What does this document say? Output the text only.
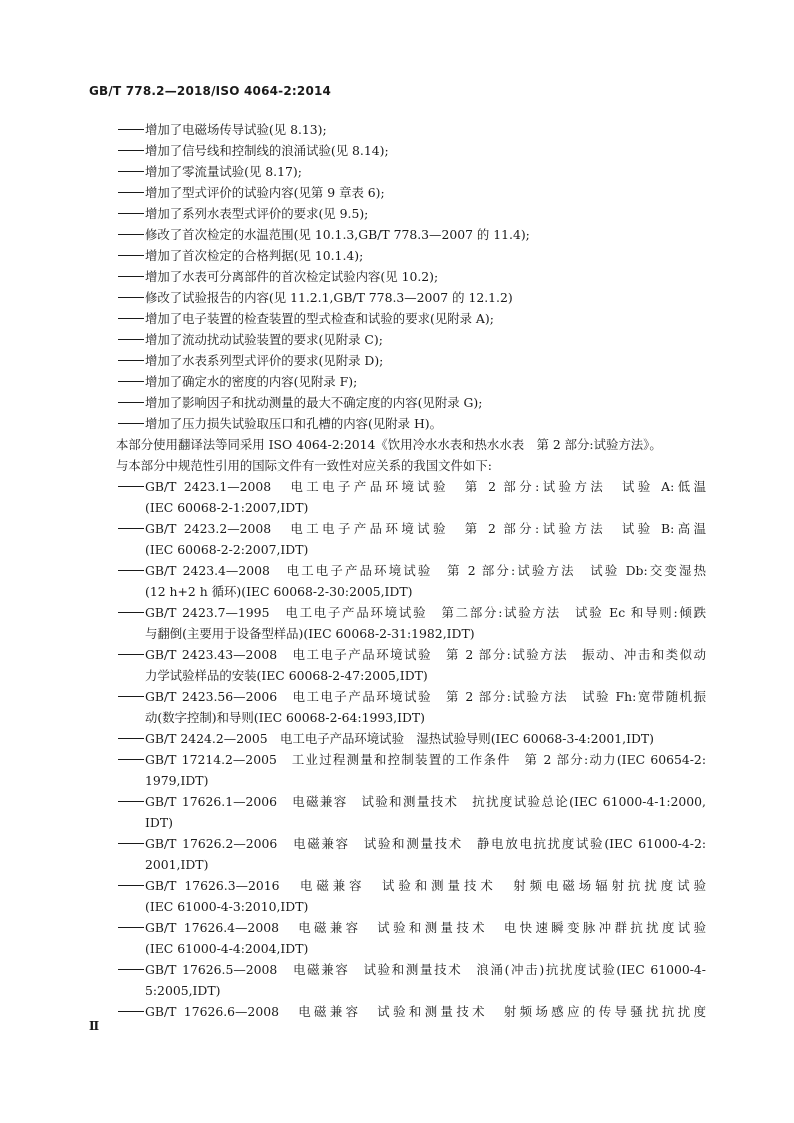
GB/T 778.2—2018/ISO 4064-2:2014
增加了电磁场传导试验(见 8.13);
增加了信号线和控制线的浪涌试验(见 8.14);
增加了零流量试验(见 8.17);
增加了型式评价的试验内容(见第 9 章表 6);
增加了系列水表型式评价的要求(见 9.5);
修改了首次检定的水温范围(见 10.1.3,GB/T 778.3—2007 的 11.4);
增加了首次检定的合格判据(见 10.1.4);
增加了水表可分离部件的首次检定试验内容(见 10.2);
修改了试验报告的内容(见 11.2.1,GB/T 778.3—2007 的 12.1.2)
增加了电子装置的检查装置的型式检查和试验的要求(见附录 A);
增加了流动扰动试验装置的要求(见附录 C);
增加了水表系列型式评价的要求(见附录 D);
增加了确定水的密度的内容(见附录 F);
增加了影响因子和扰动测量的最大不确定度的内容(见附录 G);
增加了压力损失试验取压口和孔槽的内容(见附录 H)。
本部分使用翻译法等同采用 ISO 4064-2:2014《饮用冷水水表和热水水表　第 2 部分:试验方法》。
与本部分中规范性引用的国际文件有一致性对应关系的我国文件如下:
GB/T 2423.1—2008　电工电子产品环境试验　第 2 部分:试验方法　试验 A:低温
(IEC 60068-2-1:2007,IDT)
GB/T 2423.2—2008　电工电子产品环境试验　第 2 部分:试验方法　试验 B:高温
(IEC 60068-2-2:2007,IDT)
GB/T 2423.4—2008　电工电子产品环境试验　第 2 部分:试验方法　试验 Db:交变湿热
(12 h+2 h 循环)(IEC 60068-2-30:2005,IDT)
GB/T 2423.7—1995　电工电子产品环境试验　第二部分:试验方法　试验 Ec 和导则:倾跌
与翻倒(主要用于设备型样品)(IEC 60068-2-31:1982,IDT)
GB/T 2423.43—2008　电工电子产品环境试验　第 2 部分:试验方法　振动、冲击和类似动
力学试验样品的安装(IEC 60068-2-47:2005,IDT)
GB/T 2423.56—2006　电工电子产品环境试验　第 2 部分:试验方法　试验 Fh:宽带随机振
动(数字控制)和导则(IEC 60068-2-64:1993,IDT)
GB/T 2424.2—2005　电工电子产品环境试验　湿热试验导则(IEC 60068-3-4:2001,IDT)
GB/T 17214.2—2005　工业过程测量和控制装置的工作条件　第 2 部分:动力(IEC 60654-2:
1979,IDT)
GB/T 17626.1—2006　电磁兼容　试验和测量技术　抗扰度试验总论(IEC 61000-4-1:2000,
IDT)
GB/T 17626.2—2006　电磁兼容　试验和测量技术　静电放电抗扰度试验(IEC 61000-4-2:
2001,IDT)
GB/T 17626.3—2016　电磁兼容　试验和测量技术　射频电磁场辐射抗扰度试验
(IEC 61000-4-3:2010,IDT)
GB/T 17626.4—2008　电磁兼容　试验和测量技术　电快速瞬变脉冲群抗扰度试验
(IEC 61000-4-4:2004,IDT)
GB/T 17626.5—2008　电磁兼容　试验和测量技术　浪涌(冲击)抗扰度试验(IEC 61000-4-
5:2005,IDT)
GB/T 17626.6—2008　电磁兼容　试验和测量技术　射频场感应的传导骚扰抗扰度
Ⅱ
